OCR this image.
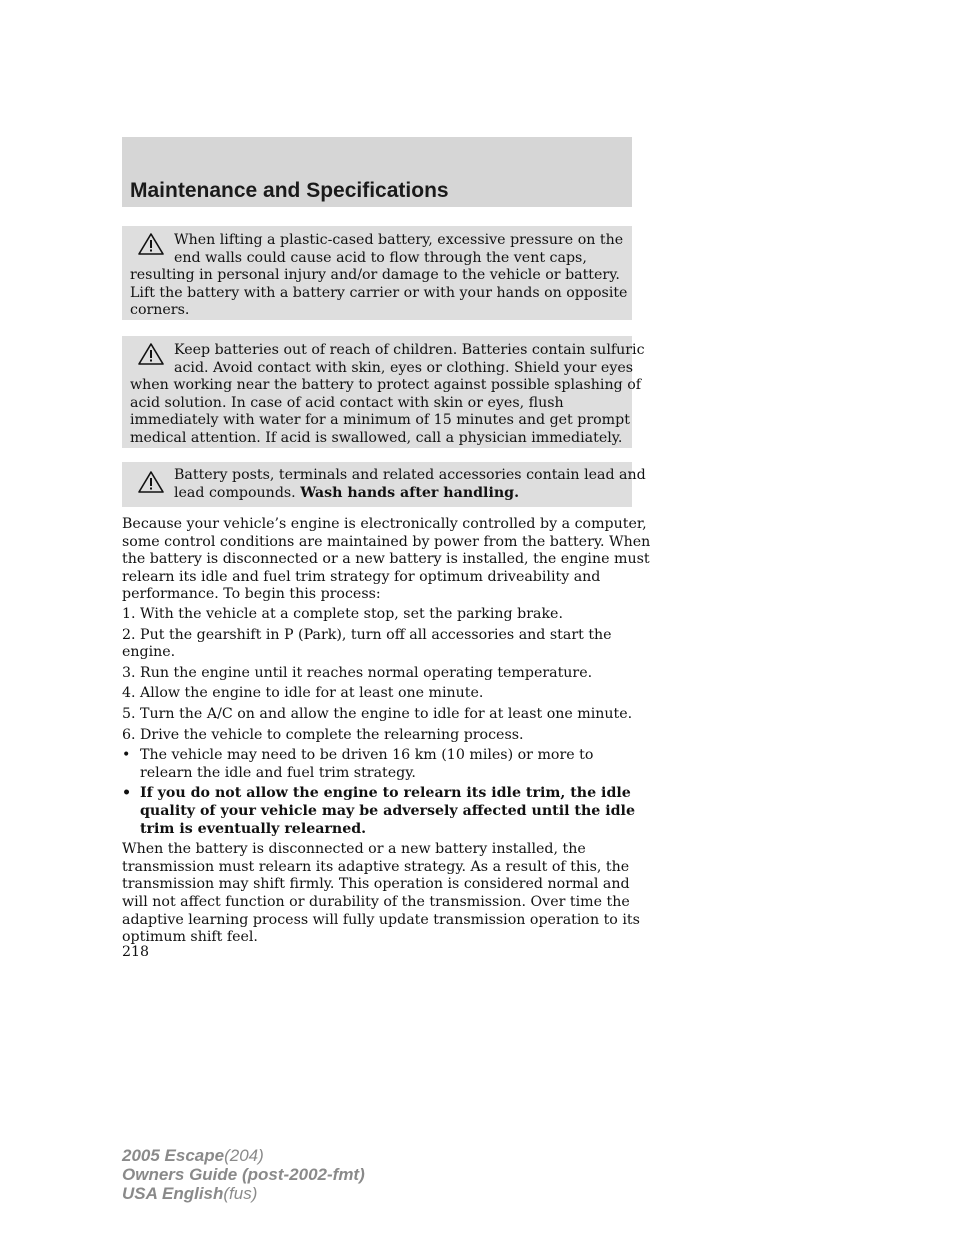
Maintenance and Specifications
When lifting a plastic-cased battery, excessive pressure on the
end walls could cause acid to flow through the vent caps,
resulting in personal injury and/or damage to the vehicle or battery.
Lift the battery with a battery carrier or with your hands on opposite
corners.
Keep batteries out of reach of children. Batteries contain sulfuric
acid. Avoid contact with skin, eyes or clothing. Shield your eyes
when working near the battery to protect against possible splashing of
acid solution. In case of acid contact with skin or eyes, flush
immediately with water for a minimum of 15 minutes and get prompt
medical attention. If acid is swallowed, call a physician immediately.
Battery posts, terminals and related accessories contain lead and
lead compounds. Wash hands after handling.
Because your vehicle’s engine is electronically controlled by a computer,
some control conditions are maintained by power from the battery. When
the battery is disconnected or a new battery is installed, the engine must
relearn its idle and fuel trim strategy for optimum driveability and
performance. To begin this process:
1. With the vehicle at a complete stop, set the parking brake.
2. Put the gearshift in P (Park), turn off all accessories and start the
engine.
3. Run the engine until it reaches normal operating temperature.
4. Allow the engine to idle for at least one minute.
5. Turn the A/C on and allow the engine to idle for at least one minute.
6. Drive the vehicle to complete the relearning process.
• The vehicle may need to be driven 16 km (10 miles) or more to
relearn the idle and fuel trim strategy.
• If you do not allow the engine to relearn its idle trim, the idle
quality of your vehicle may be adversely affected until the idle
trim is eventually relearned.
When the battery is disconnected or a new battery installed, the
transmission must relearn its adaptive strategy. As a result of this, the
transmission may shift firmly. This operation is considered normal and
will not affect function or durability of the transmission. Over time the
adaptive learning process will fully update transmission operation to its
optimum shift feel.
218
2005 Escape(204)
Owners Guide (post-2002-fmt)
USA English(fus)
